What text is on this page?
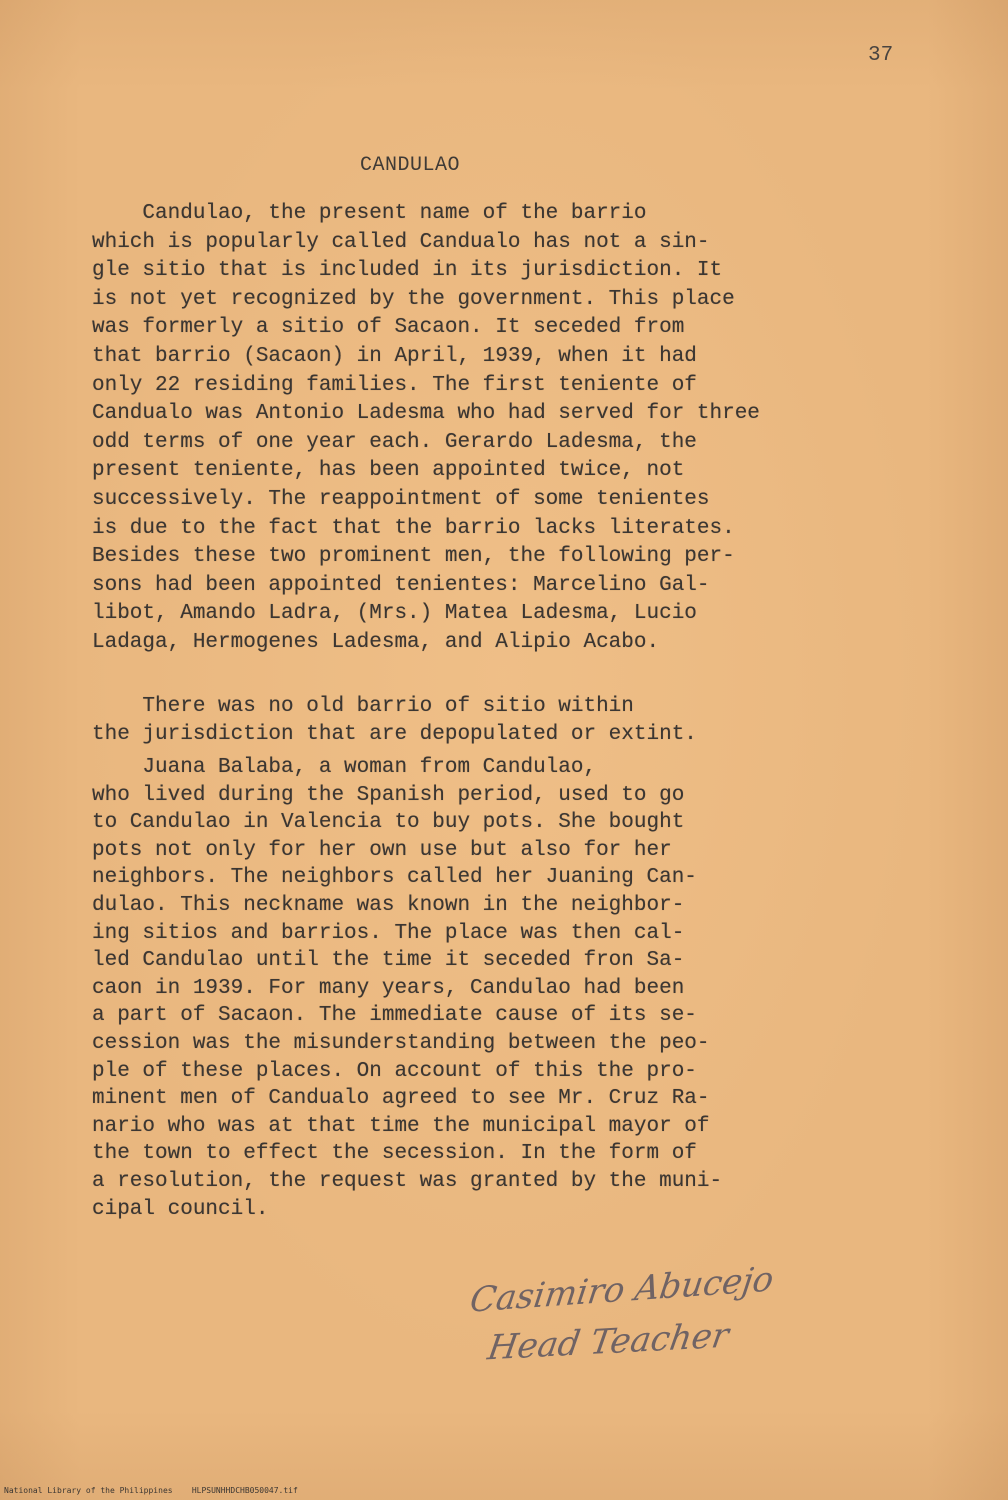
37
CANDULAO
Candulao, the present name of the barrio
which is popularly called Candualo has not a sin-
gle sitio that is included in its jurisdiction. It
is not yet recognized by the government. This place
was formerly a sitio of Sacaon. It seceded from
that barrio (Sacaon) in April, 1939, when it had
only 22 residing families. The first teniente of
Candualo was Antonio Ladesma who had served for three
odd terms of one year each. Gerardo Ladesma, the
present teniente, has been appointed twice, not
successively. The reappointment of some tenientes
is due to the fact that the barrio lacks literates.
Besides these two prominent men, the following per-
sons had been appointed tenientes: Marcelino Gal-
libot, Amando Ladra, (Mrs.) Matea Ladesma, Lucio
Ladaga, Hermogenes Ladesma, and Alipio Acabo.
There was no old barrio of sitio within
the jurisdiction that are depopulated or extint.
Juana Balaba, a woman from Candulao,
who lived during the Spanish period, used to go
to Candulao in Valencia to buy pots. She bought
pots not only for her own use but also for her
neighbors. The neighbors called her Juaning Can-
dulao. This neckname was known in the neighbor-
ing sitios and barrios. The place was then cal-
led Candulao until the time it seceded fron Sa-
caon in 1939. For many years, Candulao had been
a part of Sacaon. The immediate cause of its se-
cession was the misunderstanding between the peo-
ple of these places. On account of this the pro-
minent men of Candualo agreed to see Mr. Cruz Ra-
nario who was at that time the municipal mayor of
the town to effect the secession. In the form of
a resolution, the request was granted by the muni-
cipal council.
Casimiro Abucejo
Head Teacher
National Library of the Philippines    HLPSUNHHDCHB050047.tif
